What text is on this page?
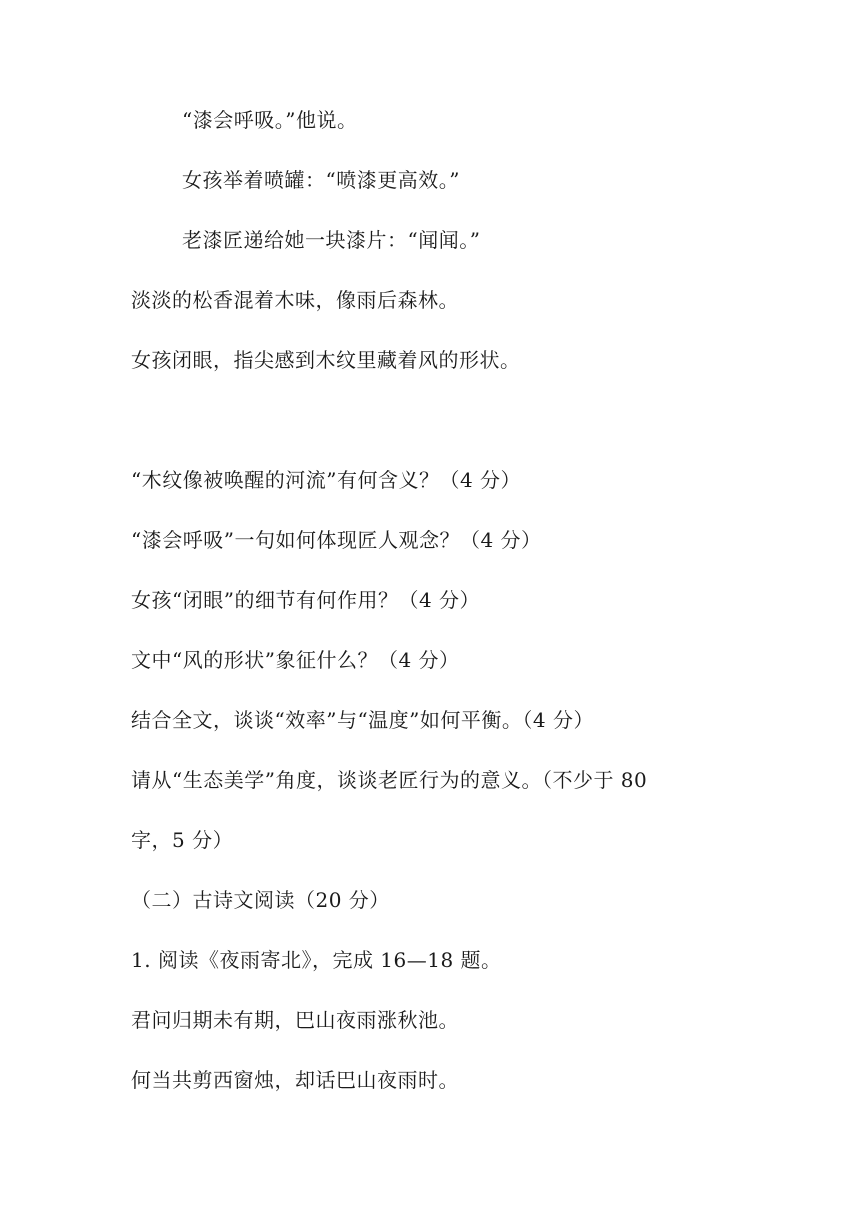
“漆会呼吸。”他说。
女孩举着喷罐：“喷漆更高效。”
老漆匠递给她一块漆片：“闻闻。”
淡淡的松香混着木味，像雨后森林。
女孩闭眼，指尖感到木纹里藏着风的形状。
“木纹像被唤醒的河流”有何含义？（4 分）
“漆会呼吸”一句如何体现匠人观念？（4 分）
女孩“闭眼”的细节有何作用？（4 分）
文中“风的形状”象征什么？（4 分）
结合全文，谈谈“效率”与“温度”如何平衡。（4 分）
请从“生态美学”角度，谈谈老匠行为的意义。（不少于 80
字，5 分）
（二）古诗文阅读（20 分）
1. 阅读《夜雨寄北》，完成 16—18 题。
君问归期未有期，巴山夜雨涨秋池。
何当共剪西窗烛，却话巴山夜雨时。
